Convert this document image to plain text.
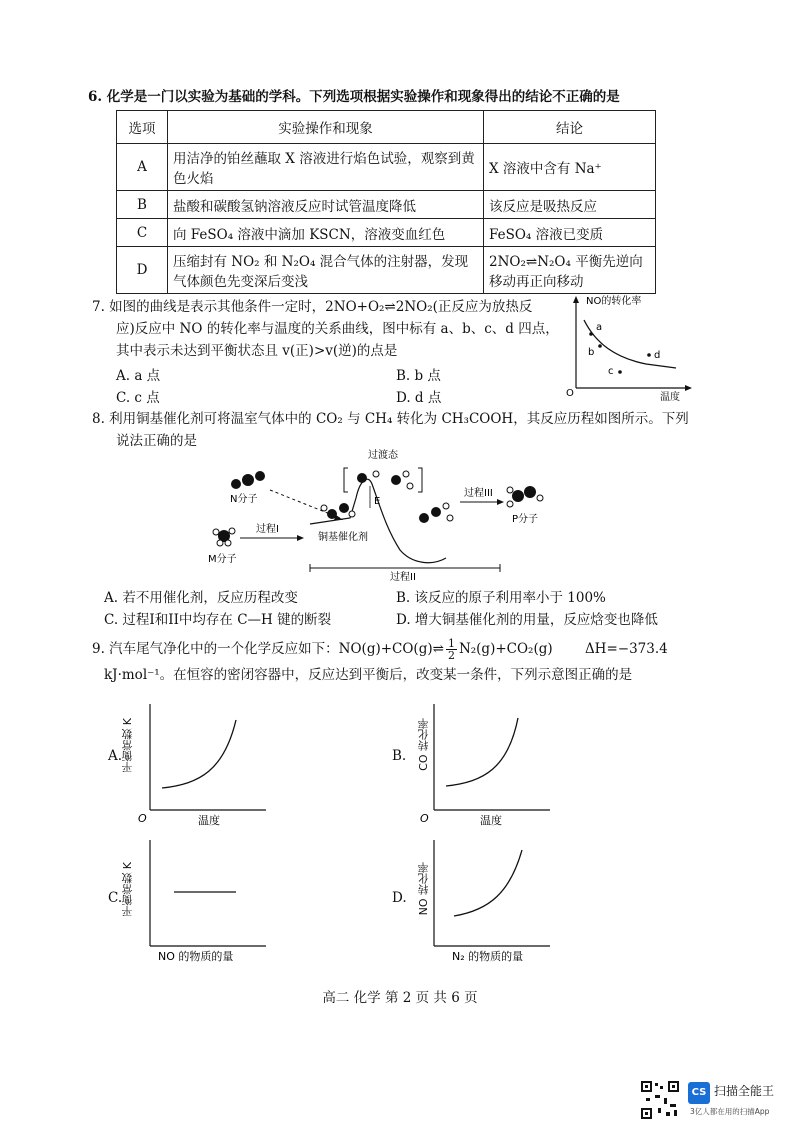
6. 化学是一门以实验为基础的学科。下列选项根据实验操作和现象得出的结论不正确的是
选项	实验操作和现象	结论
A	用洁净的铂丝蘸取 X 溶液进行焰色试验，观察到黄色火焰	X 溶液中含有 Na⁺
B	盐酸和碳酸氢钠溶液反应时试管温度降低	该反应是吸热反应
C	向 FeSO₄ 溶液中滴加 KSCN，溶液变血红色	FeSO₄ 溶液已变质
D	压缩封有 NO₂ 和 N₂O₄ 混合气体的注射器，发现气体颜色先变深后变浅	2NO₂⇌N₂O₄ 平衡先逆向移动再正向移动
7. 如图的曲线是表示其他条件一定时，2NO+O₂⇌2NO₂(正反应为放热反
应)反应中 NO 的转化率与温度的关系曲线，图中标有 a、b、c、d 四点，
其中表示未达到平衡状态且 v(正)>v(逆)的点是
A. a 点	B. b 点
C. c 点	D. d 点
NO的转化率
a
b
c
d
O	温度
8. 利用铜基催化剂可将温室气体中的 CO₂ 与 CH₄ 转化为 CH₃COOH，其反应历程如图所示。下列
说法正确的是
N分子
M分子
过程I
铜基催化剂
过渡态
E
过程III
P分子
过程II
A. 若不用催化剂，反应历程改变	B. 该反应的原子利用率小于 100%
C. 过程I和II中均存在 C—H 键的断裂	D. 增大铜基催化剂的用量，反应焓变也降低
9. 汽车尾气净化中的一个化学反应如下：NO(g)+CO(g)⇌ $\frac{1}{2} N_2(g)+CO_2(g)$ ΔH=−373.4
kJ·mol⁻¹。在恒容的密闭容器中，反应达到平衡后，改变某一条件，下列示意图正确的是
A.
平衡常数 K
O	温度
B. CO 转化率
O	温度
C.
平衡常数 K
NO 的物质的量
D. NO 转化率
N₂ 的物质的量
高二 化学 第 2 页 共 6 页
CS 扫描全能王
3亿人都在用的扫描App
